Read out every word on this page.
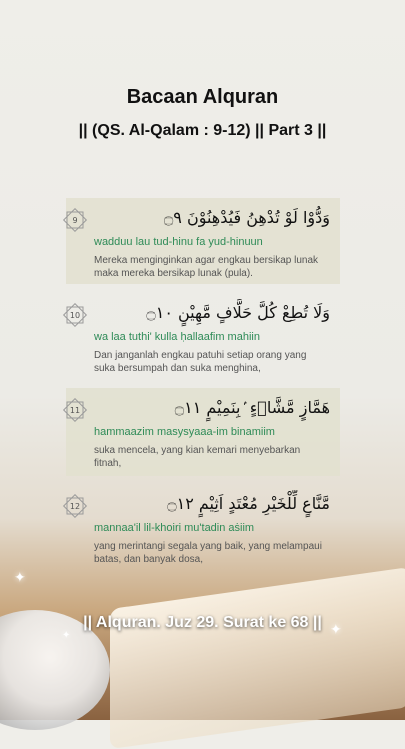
✦
✦
✦
Bacaan Alquran
|| (QS. Al-Qalam : 9-12) || Part 3 ||
9	وَدُّوْا لَوْ تُدْهِنُ فَيُدْهِنُوْنَ ۝٩
wadduu lau tud-hinu fa yud-hinuun
Mereka menginginkan agar engkau bersikap lunak maka mereka bersikap lunak (pula).
10	وَلَا تُطِعْ كُلَّ حَلَّافٍ مَّهِيْنٍ ۝١٠
wa laa tuthi' kulla ḥallaafim mahiin
Dan janganlah engkau patuhi setiap orang yang suka bersumpah dan suka menghina,
11	هَمَّازٍ مَّشَّاۤءٍ ۢبِنَمِيْمٍ ۝١١
hammaazim masysyaaa-im binamiim
suka mencela, yang kian kemari menyebarkan fitnah,
12	مَّنَّاعٍ لِّلْخَيْرِ مُعْتَدٍ اَثِيْمٍ ۝١٢
mannaa'il lil-khoiri mu'tadin aṡiim
yang merintangi segala yang baik, yang melampaui batas, dan banyak dosa,
|| Alquran. Juz 29. Surat ke 68 ||
